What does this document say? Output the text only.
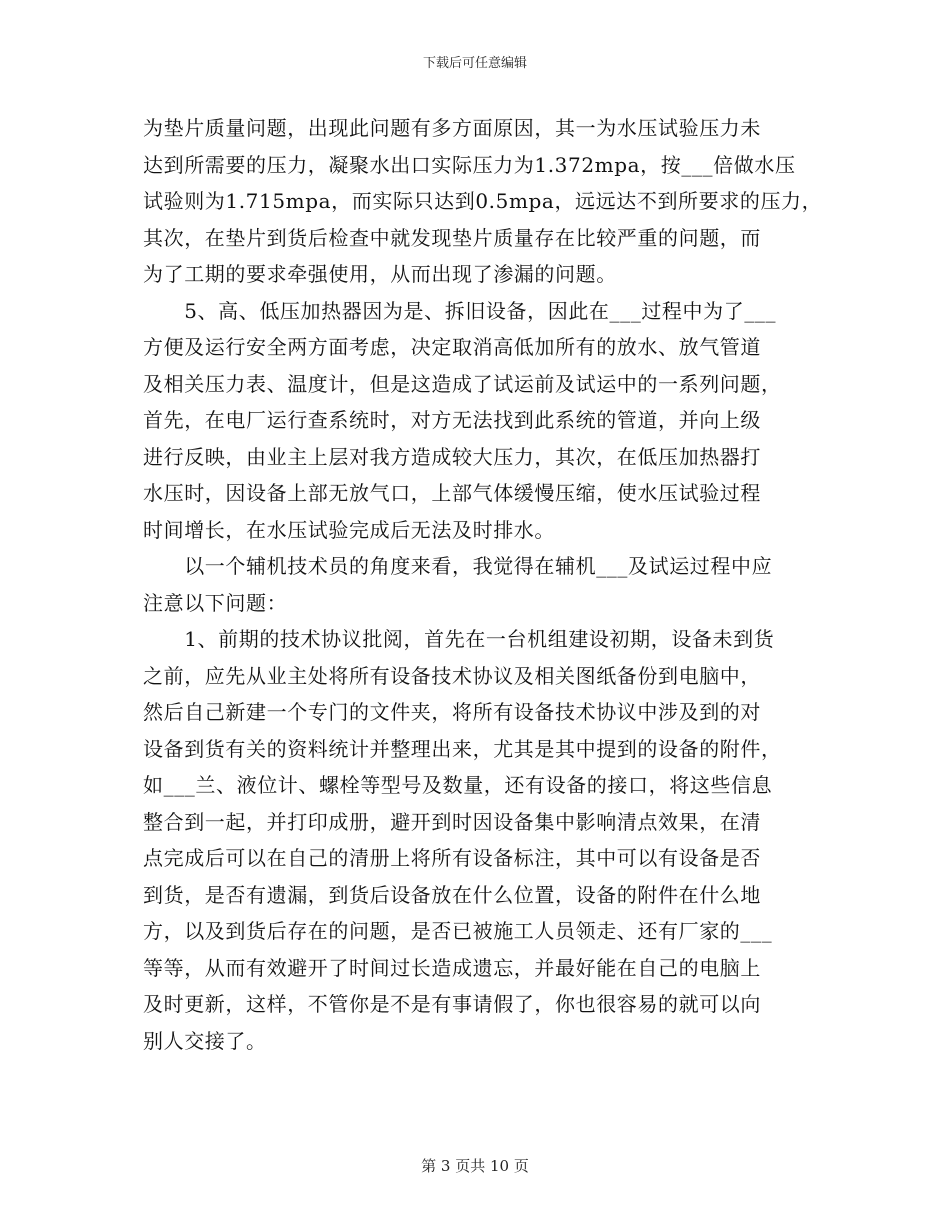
下载后可任意编辑
为垫片质量问题，出现此问题有多方面原因，其一为水压试验压力未
达到所需要的压力，凝聚水出口实际压力为1.372mpa，按___倍做水压
试验则为1.715mpa，而实际只达到0.5mpa，远远达不到所要求的压力，
其次，在垫片到货后检查中就发现垫片质量存在比较严重的问题，而
为了工期的要求牵强使用，从而出现了渗漏的问题。
　　5、高、低压加热器因为是、拆旧设备，因此在___过程中为了___
方便及运行安全两方面考虑，决定取消高低加所有的放水、放气管道
及相关压力表、温度计，但是这造成了试运前及试运中的一系列问题，
首先，在电厂运行查系统时，对方无法找到此系统的管道，并向上级
进行反映，由业主上层对我方造成较大压力，其次，在低压加热器打
水压时，因设备上部无放气口，上部气体缓慢压缩，使水压试验过程
时间增长，在水压试验完成后无法及时排水。
　　以一个辅机技术员的角度来看，我觉得在辅机___及试运过程中应
注意以下问题：
　　1、前期的技术协议批阅，首先在一台机组建设初期，设备未到货
之前，应先从业主处将所有设备技术协议及相关图纸备份到电脑中，
然后自己新建一个专门的文件夹，将所有设备技术协议中涉及到的对
设备到货有关的资料统计并整理出来，尤其是其中提到的设备的附件，
如___兰、液位计、螺栓等型号及数量，还有设备的接口，将这些信息
整合到一起，并打印成册，避开到时因设备集中影响清点效果，在清
点完成后可以在自己的清册上将所有设备标注，其中可以有设备是否
到货，是否有遗漏，到货后设备放在什么位置，设备的附件在什么地
方，以及到货后存在的问题，是否已被施工人员领走、还有厂家的___
等等，从而有效避开了时间过长造成遗忘，并最好能在自己的电脑上
及时更新，这样，不管你是不是有事请假了，你也很容易的就可以向
别人交接了。
第 3 页共 10 页
